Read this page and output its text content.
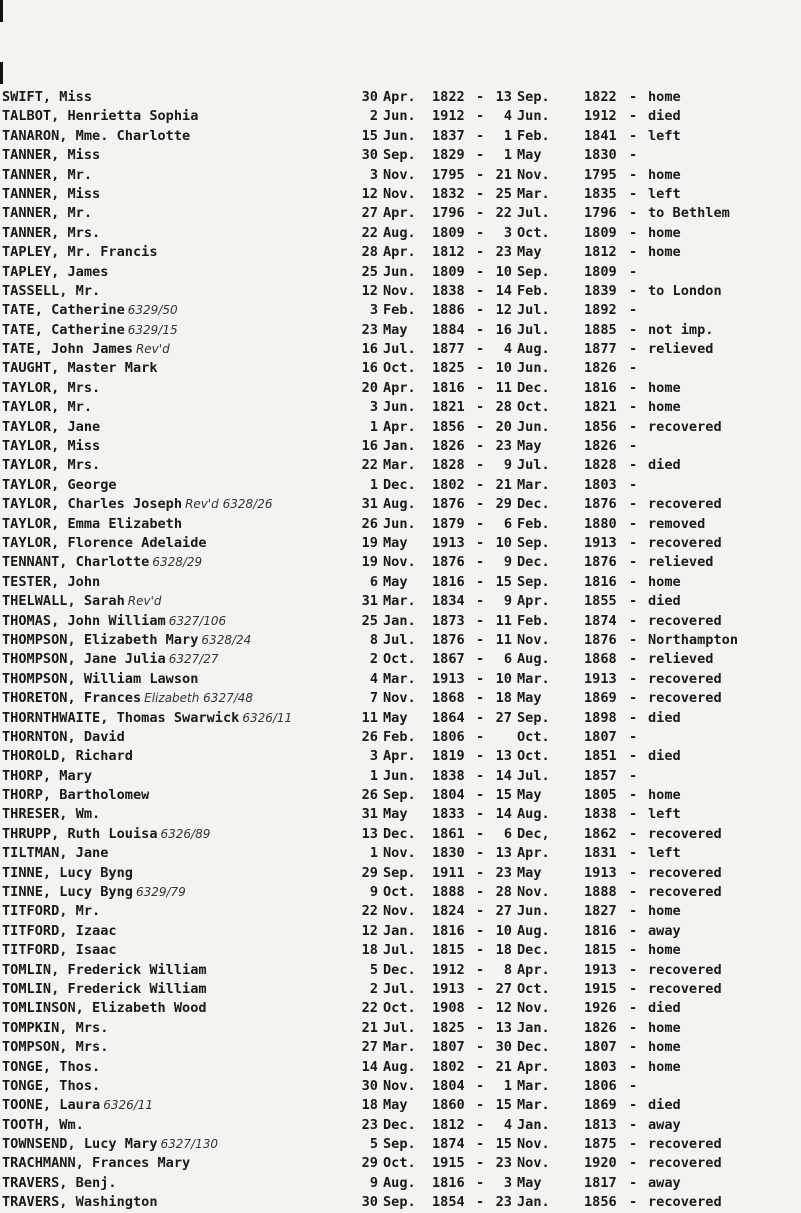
SWIFT, Miss	30 Apr. 1822 - 13 Sep.	1822 - home
TALBOT, Henrietta Sophia	2 Jun. 1912 -	4 Jun.	1912 - died
TANARON, Mme. Charlotte	15 Jun. 1837 -	1 Feb.	1841 - left
TANNER, Miss	30 Sep. 1829 -	1 May	1830 -
TANNER, Mr.	3 Nov. 1795 - 21 Nov.	1795 - home
TANNER, Miss	12 Nov. 1832 - 25 Mar.	1835 - left
TANNER, Mr.	27 Apr. 1796 - 22 Jul.	1796 - to Bethlem
TANNER, Mrs.	22 Aug. 1809 -	3 Oct.	1809 - home
TAPLEY, Mr. Francis	28 Apr. 1812 - 23 May	1812 - home
TAPLEY, James	25 Jun. 1809 - 10 Sep.	1809 -
TASSELL, Mr.	12 Nov. 1838 - 14 Feb.	1839 - to London
TATE, Catherine 6329/50	3 Feb. 1886 - 12 Jul.	1892 -
TATE, Catherine 6329/15	23 May 1884 - 16 Jul.	1885 - not imp.
TATE, John James Rev'd	16 Jul. 1877 -	4 Aug.	1877 - relieved
TAUGHT, Master Mark	16 Oct. 1825 - 10 Jun.	1826 -
TAYLOR, Mrs.	20 Apr. 1816 - 11 Dec.	1816 - home
TAYLOR, Mr.	3 Jun. 1821 - 28 Oct.	1821 - home
TAYLOR, Jane	1 Apr. 1856 - 20 Jun.	1856 - recovered
TAYLOR, Miss	16 Jan. 1826 - 23 May	1826 -
TAYLOR, Mrs.	22 Mar. 1828 -	9 Jul.	1828 - died
TAYLOR, George	1 Dec. 1802 - 21 Mar.	1803 -
TAYLOR, Charles Joseph Rev'd 6328/26	31 Aug. 1876 - 29 Dec.	1876 - recovered
TAYLOR, Emma Elizabeth	26 Jun. 1879 -	6 Feb.	1880 - removed
TAYLOR, Florence Adelaide	19 May 1913 - 10 Sep.	1913 - recovered
TENNANT, Charlotte 6328/29	19 Nov. 1876 -	9 Dec.	1876 - relieved
TESTER, John	6 May 1816 - 15 Sep.	1816 - home
THELWALL, Sarah Rev'd	31 Mar. 1834 -	9 Apr.	1855 - died
THOMAS, John William 6327/106	25 Jan. 1873 - 11 Feb.	1874 - recovered
THOMPSON, Elizabeth Mary 6328/24	8 Jul. 1876 - 11 Nov.	1876 - Northampton
THOMPSON, Jane Julia 6327/27	2 Oct. 1867 -	6 Aug.	1868 - relieved
THOMPSON, William Lawson	4 Mar. 1913 - 10 Mar.	1913 - recovered
THORETON, Frances Elizabeth 6327/48	7 Nov. 1868 - 18 May	1869 - recovered
THORNTHWAITE, Thomas Swarwick 6326/11	11 May 1864 - 27 Sep.	1898 - died
THORNTON, David	26 Feb. 1806 - Oct.	1807 -
THOROLD, Richard	3 Apr. 1819 - 13 Oct.	1851 - died
THORP, Mary	1 Jun. 1838 - 14 Jul.	1857 -
THORP, Bartholomew	26 Sep. 1804 - 15 May	1805 - home
THRESER, Wm.	31 May 1833 - 14 Aug.	1838 - left
THRUPP, Ruth Louisa 6326/89	13 Dec. 1861 -	6 Dec,	1862 - recovered
TILTMAN, Jane	1 Nov. 1830 - 13 Apr.	1831 - left
TINNE, Lucy Byng	29 Sep. 1911 - 23 May	1913 - recovered
TINNE, Lucy Byng 6329/79	9 Oct. 1888 - 28 Nov.	1888 - recovered
TITFORD, Mr.	22 Nov. 1824 - 27 Jun.	1827 - home
TITFORD, Izaac	12 Jan. 1816 - 10 Aug.	1816 - away
TITFORD, Isaac	18 Jul. 1815 - 18 Dec.	1815 - home
TOMLIN, Frederick William	5 Dec. 1912 -	8 Apr.	1913 - recovered
TOMLIN, Frederick William	2 Jul. 1913 - 27 Oct.	1915 - recovered
TOMLINSON, Elizabeth Wood	22 Oct. 1908 - 12 Nov.	1926 - died
TOMPKIN, Mrs.	21 Jul. 1825 - 13 Jan.	1826 - home
TOMPSON, Mrs.	27 Mar. 1807 - 30 Dec.	1807 - home
TONGE, Thos.	14 Aug. 1802 - 21 Apr.	1803 - home
TONGE, Thos.	30 Nov. 1804 -	1 Mar.	1806 -
TOONE, Laura 6326/11	18 May 1860 - 15 Mar.	1869 - died
TOOTH, Wm.	23 Dec. 1812 -	4 Jan.	1813 - away
TOWNSEND, Lucy Mary 6327/130	5 Sep. 1874 - 15 Nov.	1875 - recovered
TRACHMANN, Frances Mary	29 Oct. 1915 - 23 Nov.	1920 - recovered
TRAVERS, Benj.	9 Aug. 1816 -	3 May	1817 - away
TRAVERS, Washington	30 Sep. 1854 - 23 Jan.	1856 - recovered
